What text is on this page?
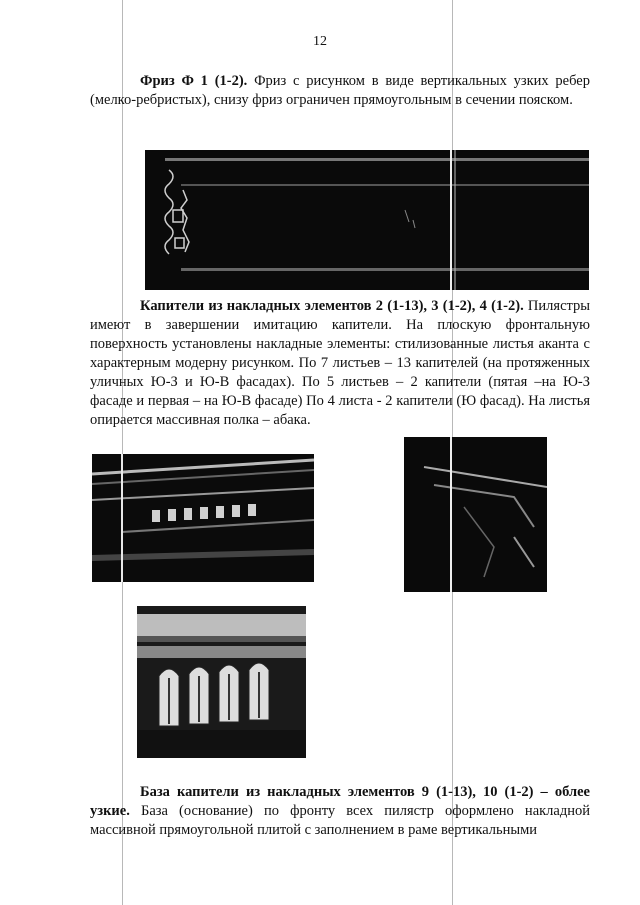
12

Фриз Ф 1 (1-2). Фриз с рисунком в виде вертикальных узких ребер (мелко-ребристых), снизу фриз ограничен прямоугольным в сечении пояском.

Капители из накладных элементов 2 (1-13), 3 (1-2), 4 (1-2). Пилястры имеют в завершении имитацию капители. На плоскую фронтальную поверхность установлены накладные элементы: стилизованные листья аканта с характерным модерну рисунком. По 7 листьев – 13 капителей (на протяженных уличных Ю-З и Ю-В фасадах). По 5 листьев – 2 капители (пятая –на Ю-З фасаде и первая – на Ю-В фасаде) По 4 листа - 2 капители (Ю фасад). На листья опирается массивная полка – абака.

База капители из накладных элементов 9 (1-13), 10 (1-2) – облее узкие. База (основание) по фронту всех пилястр оформлено накладной массивной прямоугольной плитой с заполнением в раме вертикальными
